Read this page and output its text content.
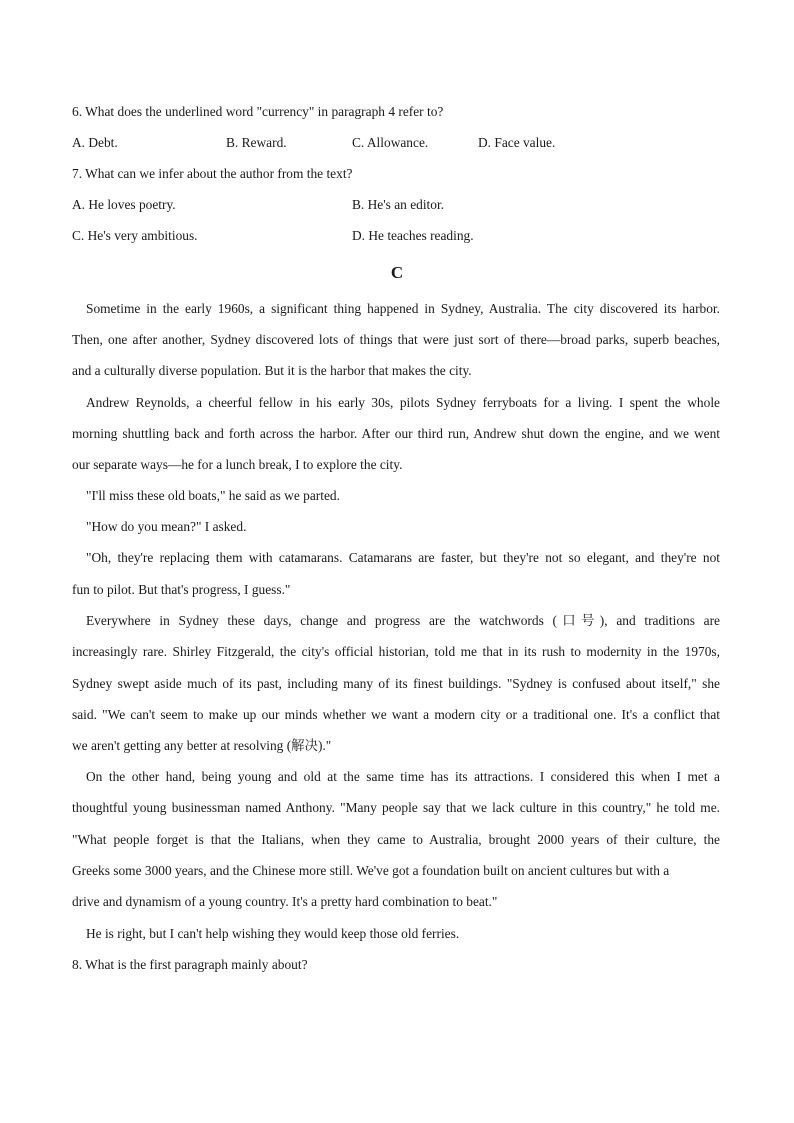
6. What does the underlined word "currency" in paragraph 4 refer to?
A. Debt.	B. Reward.	C. Allowance.	D. Face value.
7. What can we infer about the author from the text?
A. He loves poetry.	B. He's an editor.
C. He's very ambitious.	D. He teaches reading.
C
Sometime in the early 1960s, a significant thing happened in Sydney, Australia. The city discovered its harbor.
Then, one after another, Sydney discovered lots of things that were just sort of there—broad parks, superb beaches,
and a culturally diverse population. But it is the harbor that makes the city.
Andrew Reynolds, a cheerful fellow in his early 30s, pilots Sydney ferryboats for a living. I spent the whole
morning shuttling back and forth across the harbor. After our third run, Andrew shut down the engine, and we went
our separate ways—he for a lunch break, I to explore the city.
"I'll miss these old boats," he said as we parted.
"How do you mean?" I asked.
"Oh, they're replacing them with catamarans. Catamarans are faster, but they're not so elegant, and they're not
fun to pilot. But that's progress, I guess."
Everywhere in Sydney these days, change and progress are the watchwords (口号), and traditions are
increasingly rare. Shirley Fitzgerald, the city's official historian, told me that in its rush to modernity in the 1970s,
Sydney swept aside much of its past, including many of its finest buildings. "Sydney is confused about itself," she
said. "We can't seem to make up our minds whether we want a modern city or a traditional one. It's a conflict that
we aren't getting any better at resolving (解决)."
On the other hand, being young and old at the same time has its attractions. I considered this when I met a
thoughtful young businessman named Anthony. "Many people say that we lack culture in this country," he told me.
"What people forget is that the Italians, when they came to Australia, brought 2000 years of their culture, the
Greeks some 3000 years, and the Chinese more still. We've got a foundation built on ancient cultures but with a
drive and dynamism of a young country. It's a pretty hard combination to beat."
He is right, but I can't help wishing they would keep those old ferries.
8. What is the first paragraph mainly about?
